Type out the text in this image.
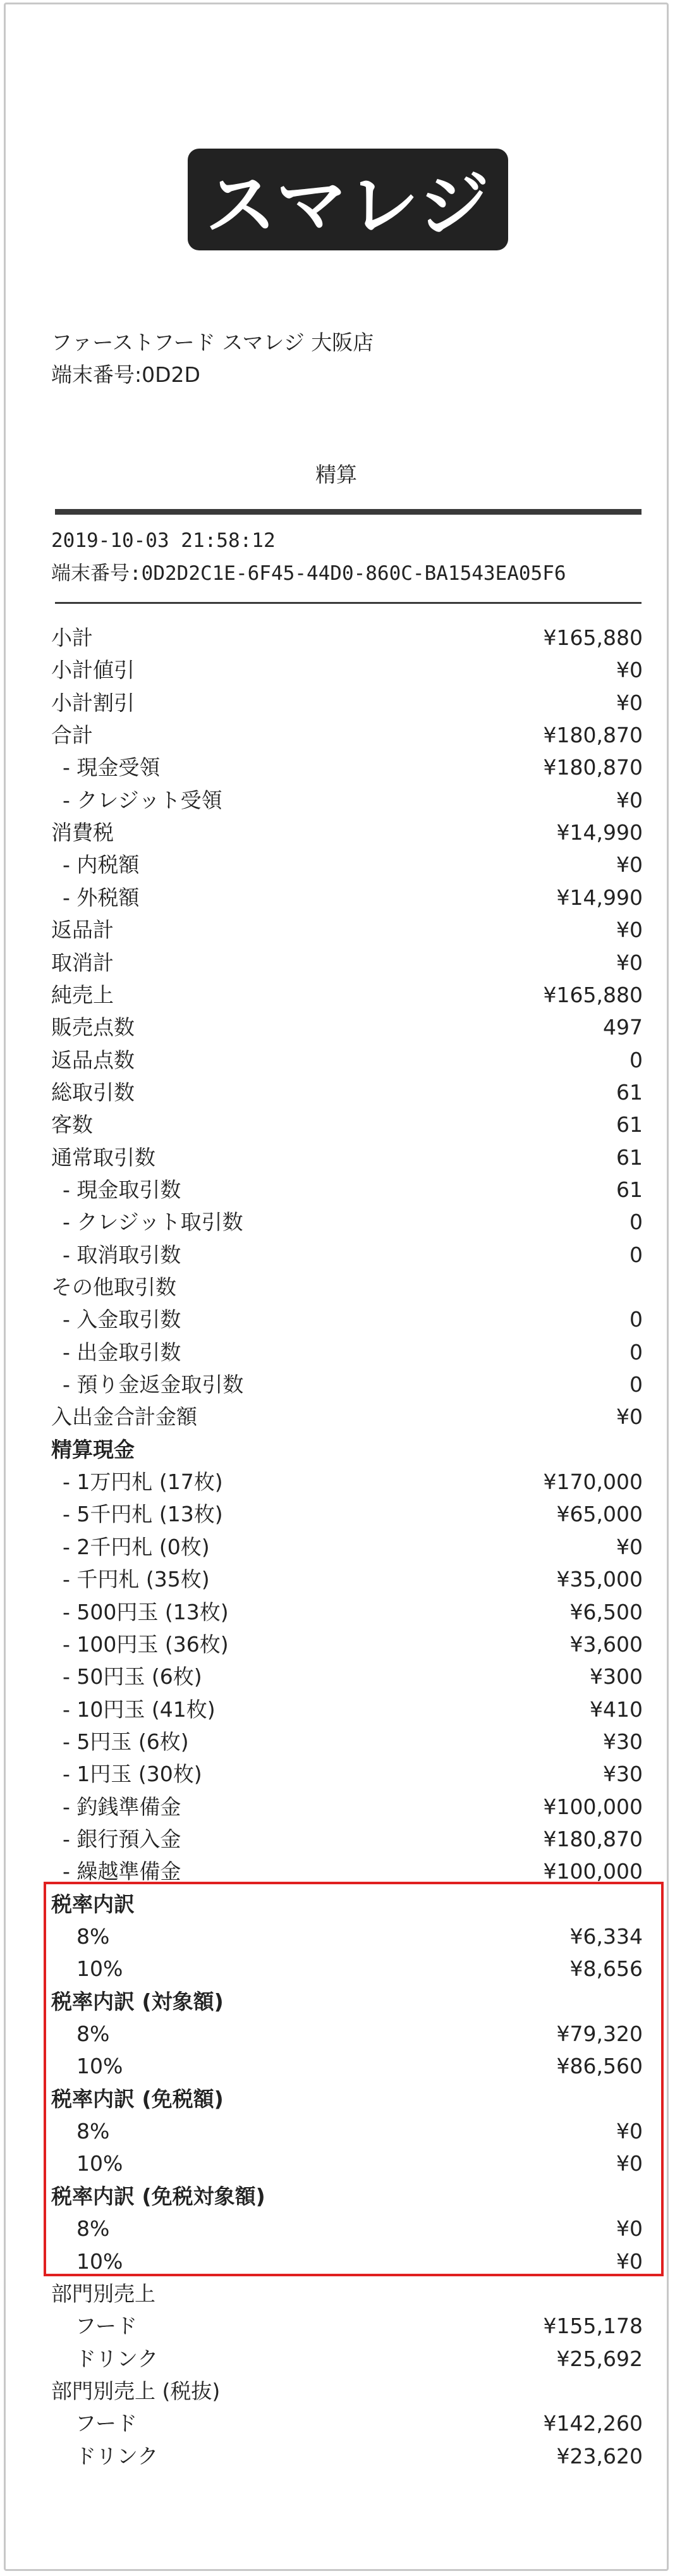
スマレジ
ファーストフード スマレジ 大阪店
端末番号:0D2D
精算
2019-10-03 21:58:12
端末番号:0D2D2C1E-6F45-44D0-860C-BA1543EA05F6
小計	¥165,880
小計値引	¥0
小計割引	¥0
合計	¥180,870
- 現金受領	¥180,870
- クレジット受領	¥0
消費税	¥14,990
- 内税額	¥0
- 外税額	¥14,990
返品計	¥0
取消計	¥0
純売上	¥165,880
販売点数	497
返品点数	0
総取引数	61
客数	61
通常取引数	61
- 現金取引数	61
- クレジット取引数	0
- 取消取引数	0
その他取引数
- 入金取引数	0
- 出金取引数	0
- 預り金返金取引数	0
入出金合計金額	¥0
精算現金
- 1万円札 (17枚)	¥170,000
- 5千円札 (13枚)	¥65,000
- 2千円札 (0枚)	¥0
- 千円札 (35枚)	¥35,000
- 500円玉 (13枚)	¥6,500
- 100円玉 (36枚)	¥3,600
- 50円玉 (6枚)	¥300
- 10円玉 (41枚)	¥410
- 5円玉 (6枚)	¥30
- 1円玉 (30枚)	¥30
- 釣銭準備金	¥100,000
- 銀行預入金	¥180,870
- 繰越準備金	¥100,000
税率内訳
8%	¥6,334
10%	¥8,656
税率内訳 (対象額)
8%	¥79,320
10%	¥86,560
税率内訳 (免税額)
8%	¥0
10%	¥0
税率内訳 (免税対象額)
8%	¥0
10%	¥0
部門別売上
フード	¥155,178
ドリンク	¥25,692
部門別売上 (税抜)
フード	¥142,260
ドリンク	¥23,620
